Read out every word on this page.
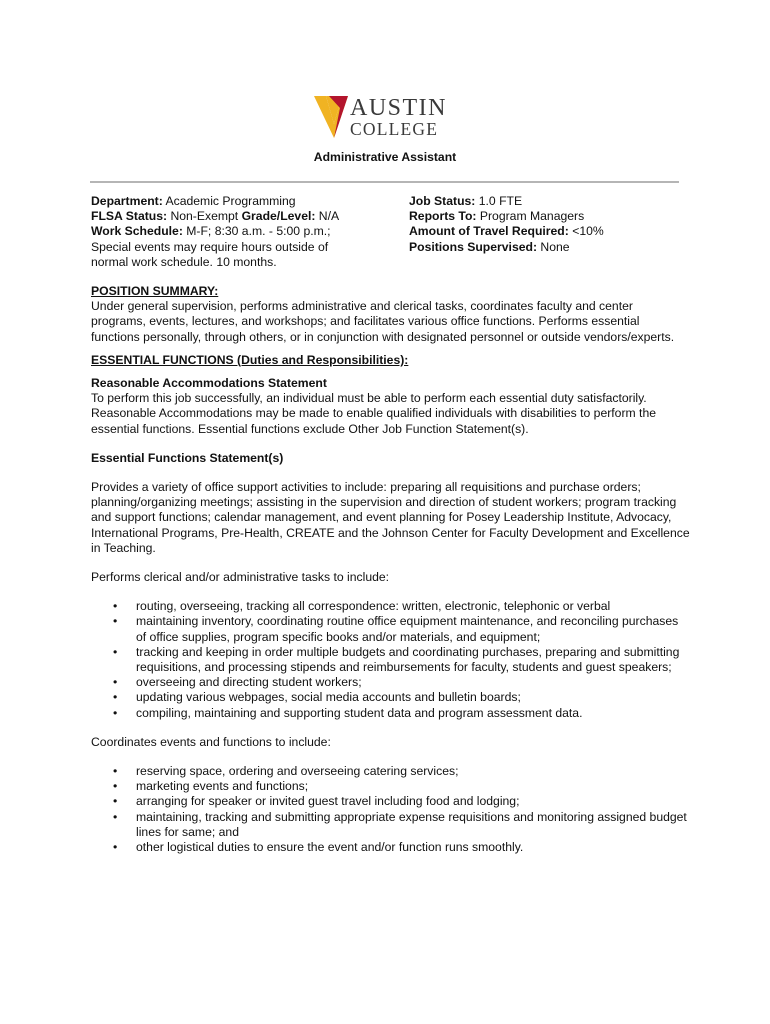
AUSTIN
COLLEGE
Administrative Assistant
Department: Academic Programming
FLSA Status: Non-Exempt Grade/Level: N/A
Work Schedule: M-F; 8:30 a.m. - 5:00 p.m.; Special events may require hours outside of normal work schedule. 10 months.
Job Status: 1.0 FTE
Reports To: Program Managers
Amount of Travel Required: <10%
Positions Supervised: None
POSITION SUMMARY:

Under general supervision, performs administrative and clerical tasks, coordinates faculty and center programs, events, lectures, and workshops; and facilitates various office functions. Performs essential functions personally, through others, or in conjunction with designated personnel or outside vendors/experts.

ESSENTIAL FUNCTIONS (Duties and Responsibilities):
Reasonable Accommodations Statement

To perform this job successfully, an individual must be able to perform each essential duty satisfactorily. Reasonable Accommodations may be made to enable qualified individuals with disabilities to perform the essential functions. Essential functions exclude Other Job Function Statement(s).

Essential Functions Statement(s)

Provides a variety of office support activities to include: preparing all requisitions and purchase orders; planning/organizing meetings; assisting in the supervision and direction of student workers; program tracking and support functions; calendar management, and event planning for Posey Leadership Institute, Advocacy, International Programs, Pre-Health, CREATE and the Johnson Center for Faculty Development and Excellence in Teaching.

Performs clerical and/or administrative tasks to include:

• routing, overseeing, tracking all correspondence: written, electronic, telephonic or verbal
• maintaining inventory, coordinating routine office equipment maintenance, and reconciling purchases of office supplies, program specific books and/or materials, and equipment;
• tracking and keeping in order multiple budgets and coordinating purchases, preparing and submitting requisitions, and processing stipends and reimbursements for faculty, students and guest speakers;
• overseeing and directing student workers;
• updating various webpages, social media accounts and bulletin boards;
• compiling, maintaining and supporting student data and program assessment data.

Coordinates events and functions to include:

• reserving space, ordering and overseeing catering services;
• marketing events and functions;
• arranging for speaker or invited guest travel including food and lodging;
• maintaining, tracking and submitting appropriate expense requisitions and monitoring assigned budget lines for same; and
• other logistical duties to ensure the event and/or function runs smoothly.
